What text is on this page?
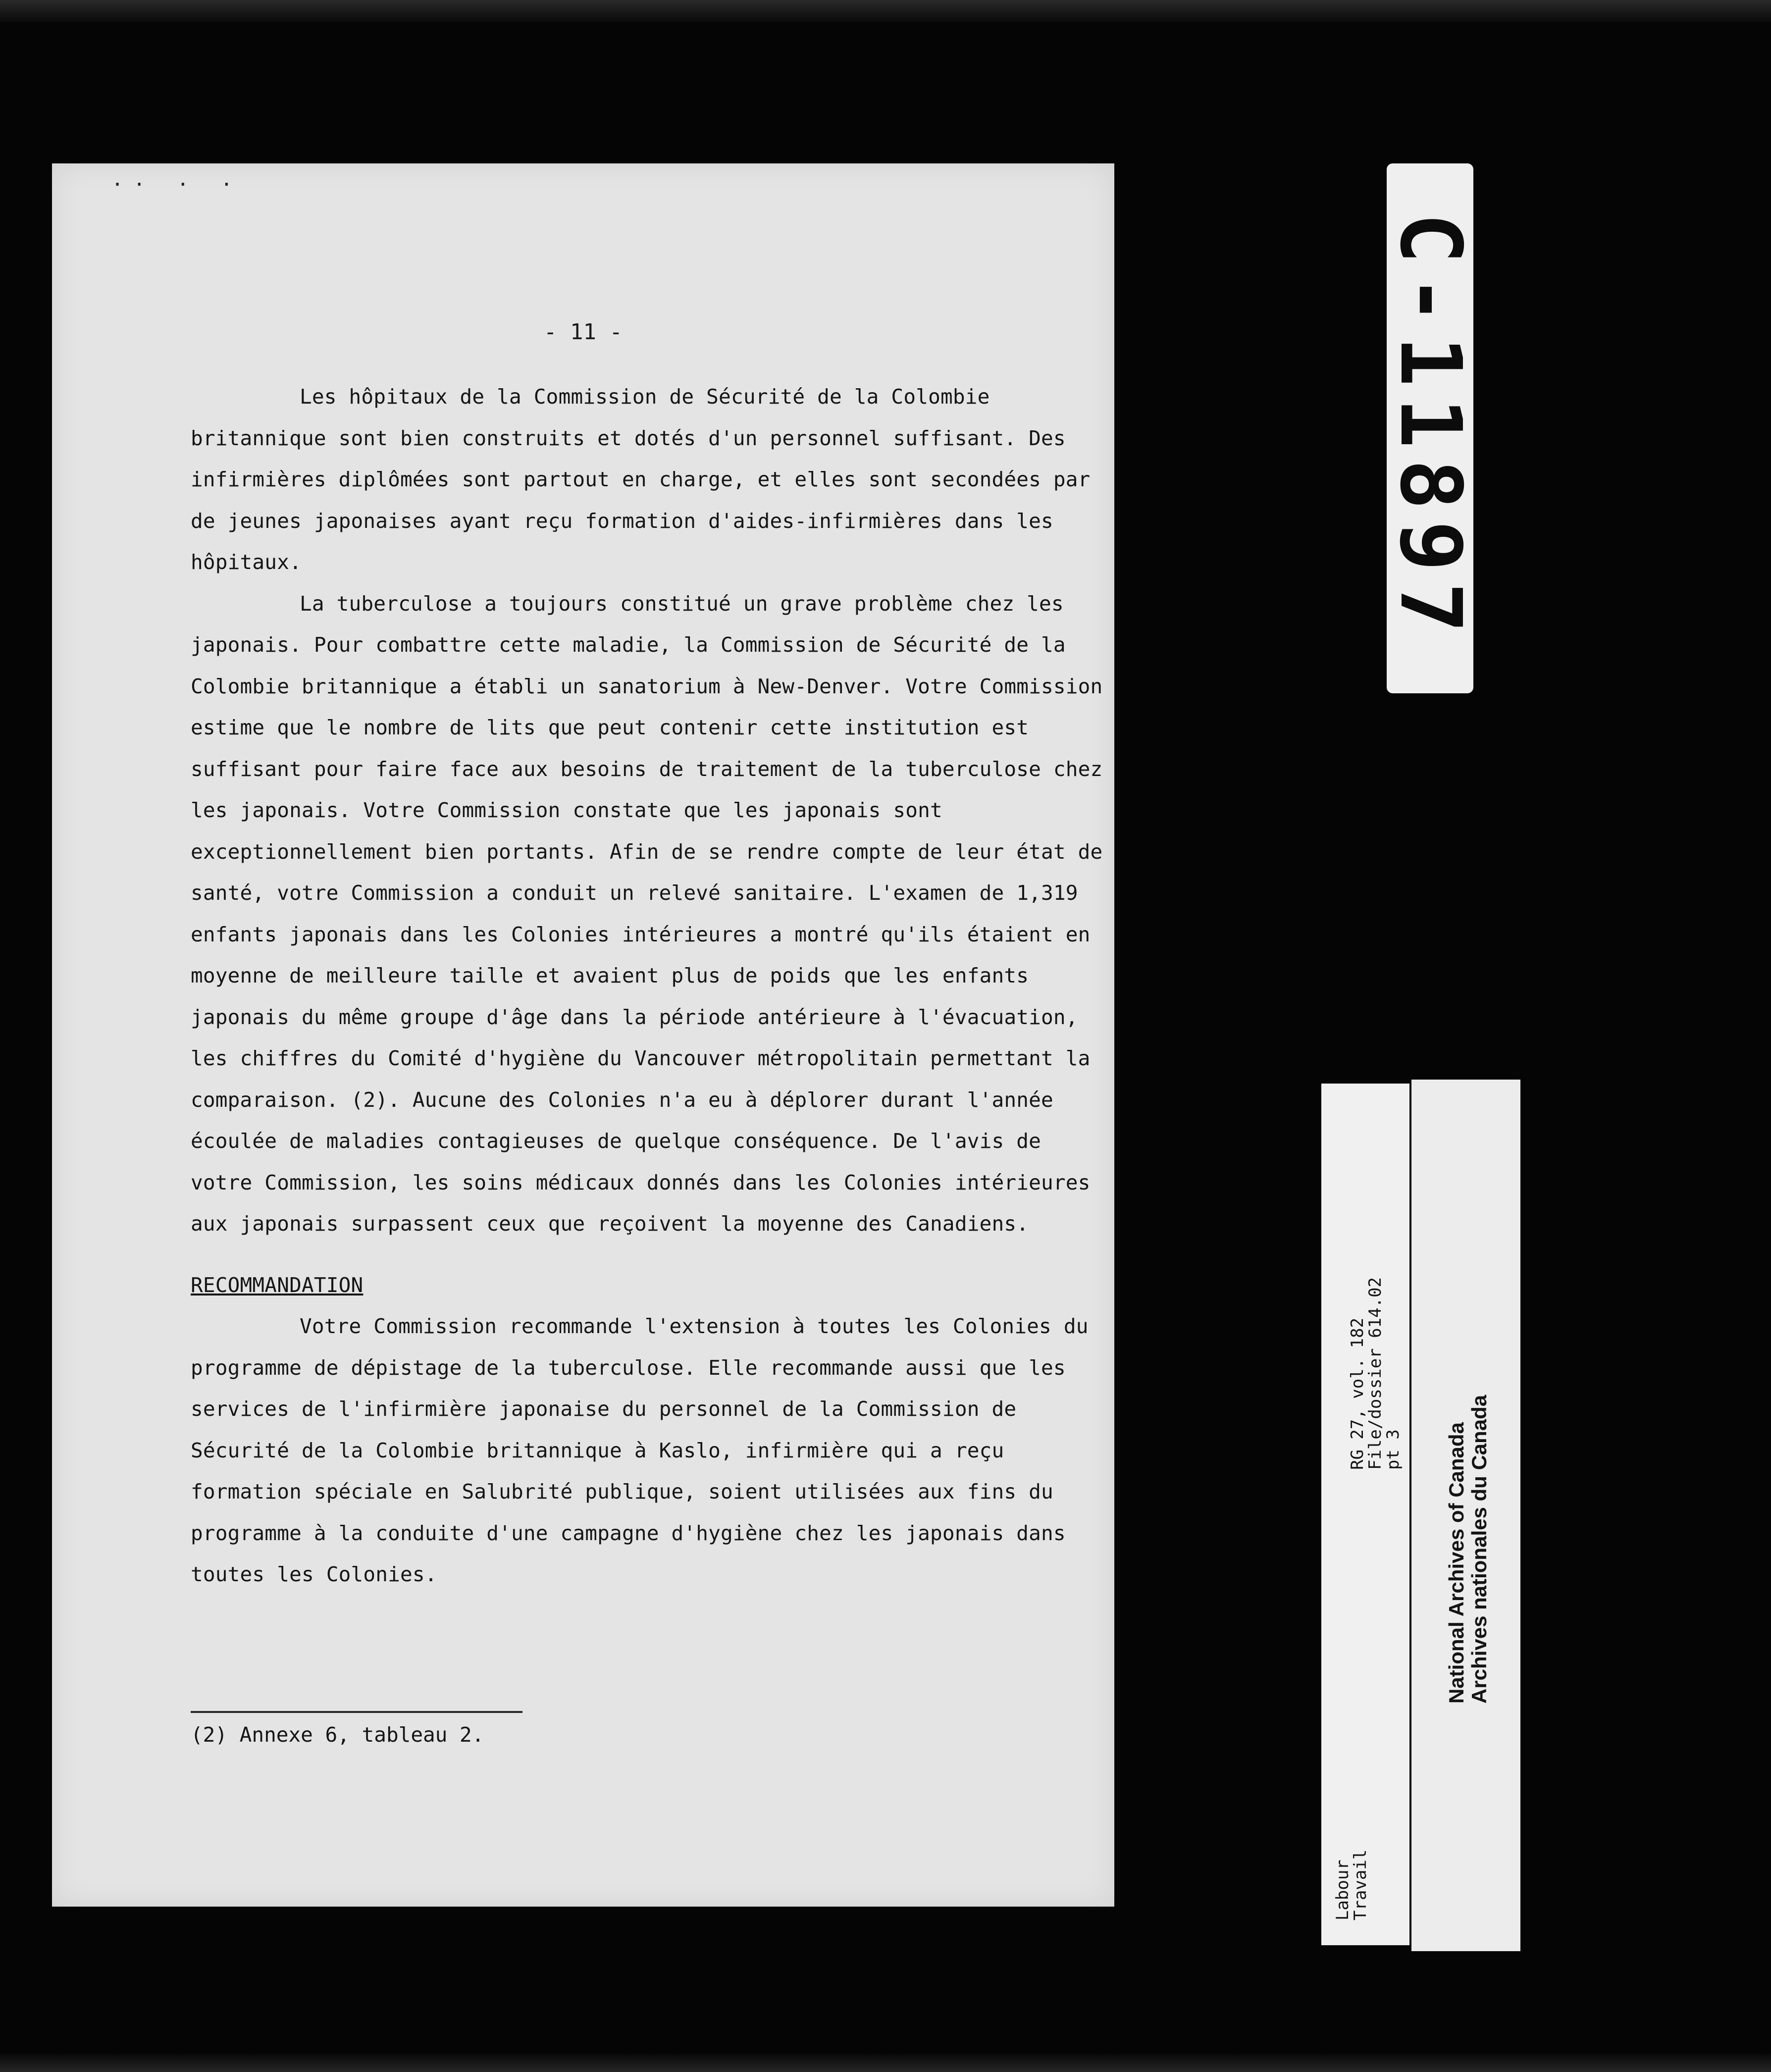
·· · ·
- 11 -

Les hôpitaux de la Commission de Sécurité de la Colombie britannique sont bien construits et dotés d'un personnel suffisant. Des infirmières diplômées sont partout en charge, et elles sont secondées par de jeunes japonaises ayant reçu formation d'aides-infirmières dans les hôpitaux.

La tuberculose a toujours constitué un grave problème chez les japonais. Pour combattre cette maladie, la Commission de Sécurité de la Colombie britannique a établi un sanatorium à New-Denver. Votre Commission estime que le nombre de lits que peut contenir cette institution est suffisant pour faire face aux besoins de traitement de la tuberculose chez les japonais. Votre Commission constate que les japonais sont exceptionnellement bien portants. Afin de se rendre compte de leur état de santé, votre Commission a conduit un relevé sanitaire. L'examen de 1,319 enfants japonais dans les Colonies intérieures a montré qu'ils étaient en moyenne de meilleure taille et avaient plus de poids que les enfants japonais du même groupe d'âge dans la période antérieure à l'évacuation, les chiffres du Comité d'hygiène du Vancouver métropolitain permettant la comparaison. (2). Aucune des Colonies n'a eu à déplorer durant l'année écoulée de maladies contagieuses de quelque conséquence. De l'avis de votre Commission, les soins médicaux donnés dans les Colonies intérieures aux japonais surpassent ceux que reçoivent la moyenne des Canadiens.

RECOMMANDATION

Votre Commission recommande l'extension à toutes les Colonies du programme de dépistage de la tuberculose. Elle recommande aussi que les services de l'infirmière japonaise du personnel de la Commission de Sécurité de la Colombie britannique à Kaslo, infirmière qui a reçu formation spéciale en Salubrité publique, soient utilisées aux fins du programme à la conduite d'une campagne d'hygiène chez les japonais dans toutes les Colonies.

(2) Annexe 6, tableau 2.
C-11897
RG 27, vol. 182
File/dossier 614.02
pt 3
Labour
Travail
National Archives of Canada Archives nationales du Canada
